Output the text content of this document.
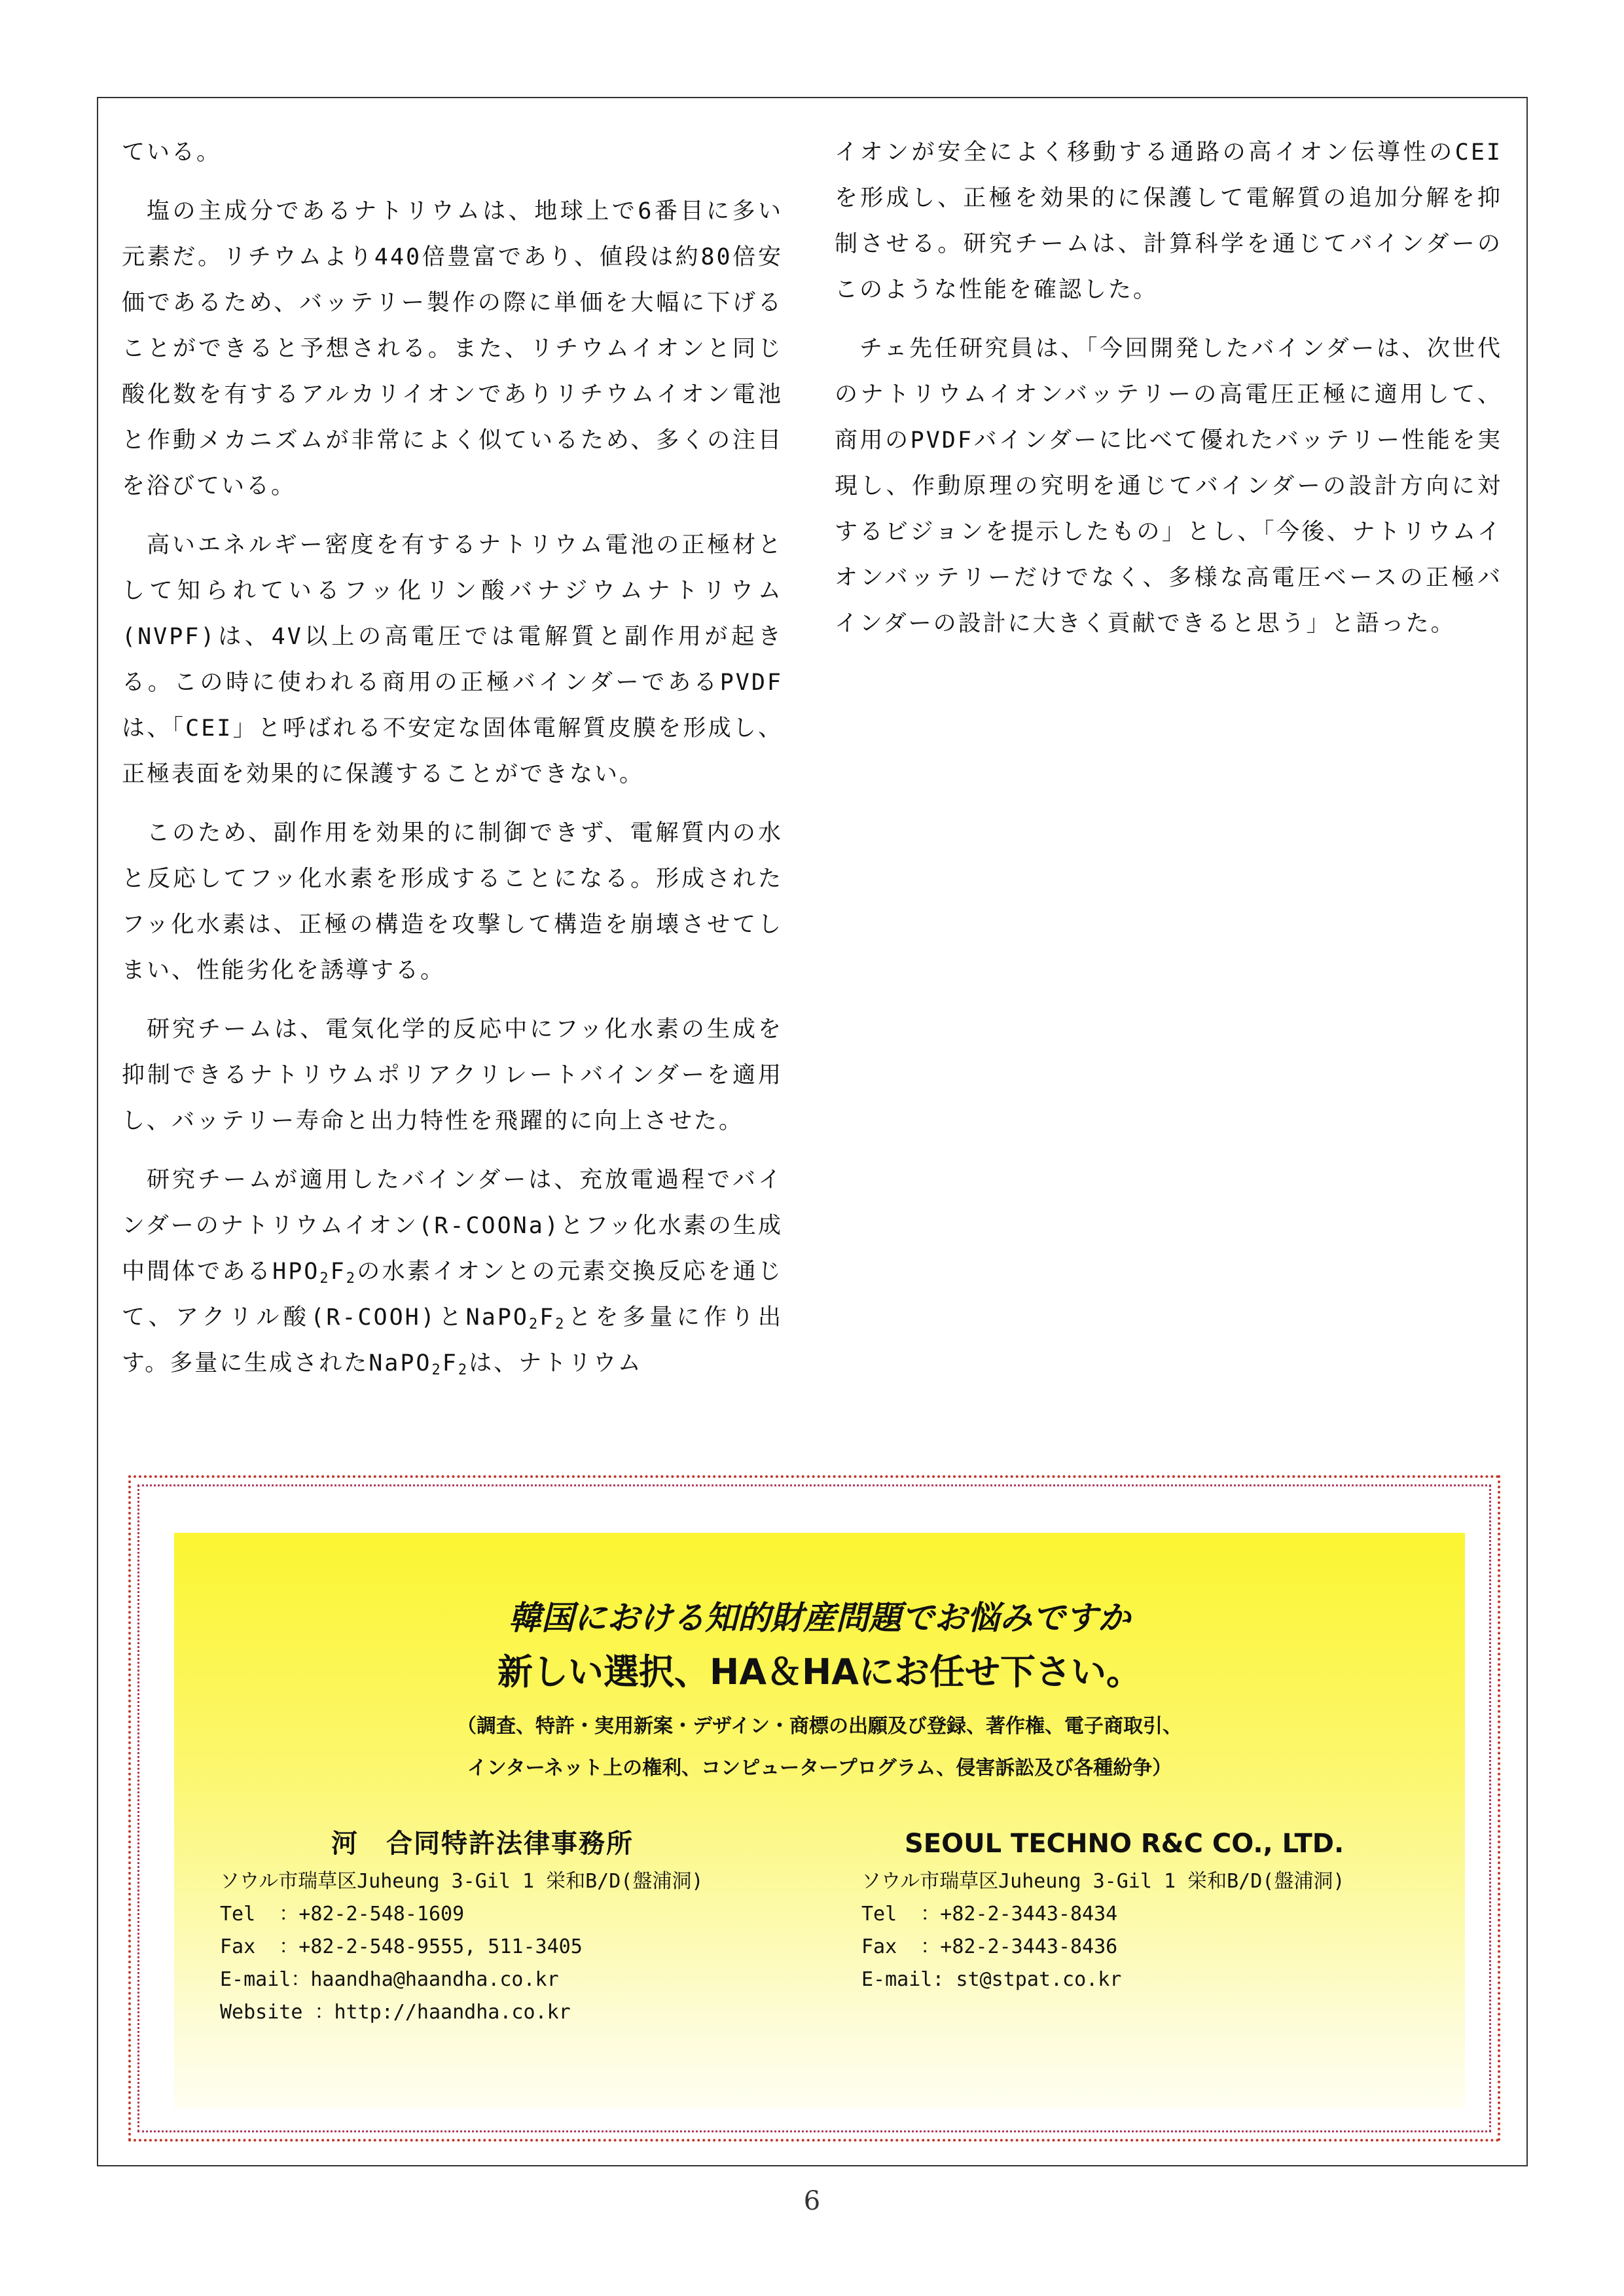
ている。

塩の主成分であるナトリウムは、地球上で6番目に多い元素だ。リチウムより440倍豊富であり、値段は約80倍安価であるため、バッテリー製作の際に単価を大幅に下げることができると予想される。また、リチウムイオンと同じ酸化数を有するアルカリイオンでありリチウムイオン電池と作動メカニズムが非常によく似ているため、多くの注目を浴びている。

高いエネルギー密度を有するナトリウム電池の正極材として知られているフッ化リン酸バナジウムナトリウム(NVPF)は、4V以上の高電圧では電解質と副作用が起きる。この時に使われる商用の正極バインダーであるPVDFは、「CEI」と呼ばれる不安定な固体電解質皮膜を形成し、正極表面を効果的に保護することができない。

このため、副作用を効果的に制御できず、電解質内の水と反応してフッ化水素を形成することになる。形成されたフッ化水素は、正極の構造を攻撃して構造を崩壊させてしまい、性能劣化を誘導する。

研究チームは、電気化学的反応中にフッ化水素の生成を抑制できるナトリウムポリアクリレートバインダーを適用し、バッテリー寿命と出力特性を飛躍的に向上させた。

研究チームが適用したバインダーは、充放電過程でバインダーのナトリウムイオン(R-COONa)とフッ化水素の生成中間体である$HPO_2F_2$の水素イオンとの元素交換反応を通じて、アクリル酸(R-COOH)と$NaPO_2F_2$とを多量に作り出す。多量に生成された$NaPO_2F_2$は、ナトリウム

イオンが安全によく移動する通路の高イオン伝導性のCEIを形成し、正極を効果的に保護して電解質の追加分解を抑制させる。研究チームは、計算科学を通じてバインダーのこのような性能を確認した。

チェ先任研究員は、「今回開発したバインダーは、次世代のナトリウムイオンバッテリーの高電圧正極に適用して、商用のPVDFバインダーに比べて優れたバッテリー性能を実現し、作動原理の究明を通じてバインダーの設計方向に対するビジョンを提示したもの」とし、「今後、ナトリウムイオンバッテリーだけでなく、多様な高電圧ベースの正極バインダーの設計に大きく貢献できると思う」と語った。

韓国における知的財産問題でお悩みですか
新しい選択、HA＆HAにお任せ下さい。
（調査、特許・実用新案・デザイン・商標の出願及び登録、著作権、電子商取引、
インターネット上の権利、コンピュータープログラム、侵害訴訟及び各種紛争）
河　合同特許法律事務所
ソウル市瑞草区Juheung 3-Gil 1 栄和B/D(盤浦洞)
Tel  ：+82-2-548-1609
Fax  ：+82-2-548-9555, 511-3405
E-mail：haandha@haandha.co.kr
Website ：http://haandha.co.kr
SEOUL TECHNO R&C CO., LTD.
ソウル市瑞草区Juheung 3-Gil 1 栄和B/D(盤浦洞)
Tel  ：+82-2-3443-8434
Fax  ：+82-2-3443-8436
E-mail: st@stpat.co.kr
6
